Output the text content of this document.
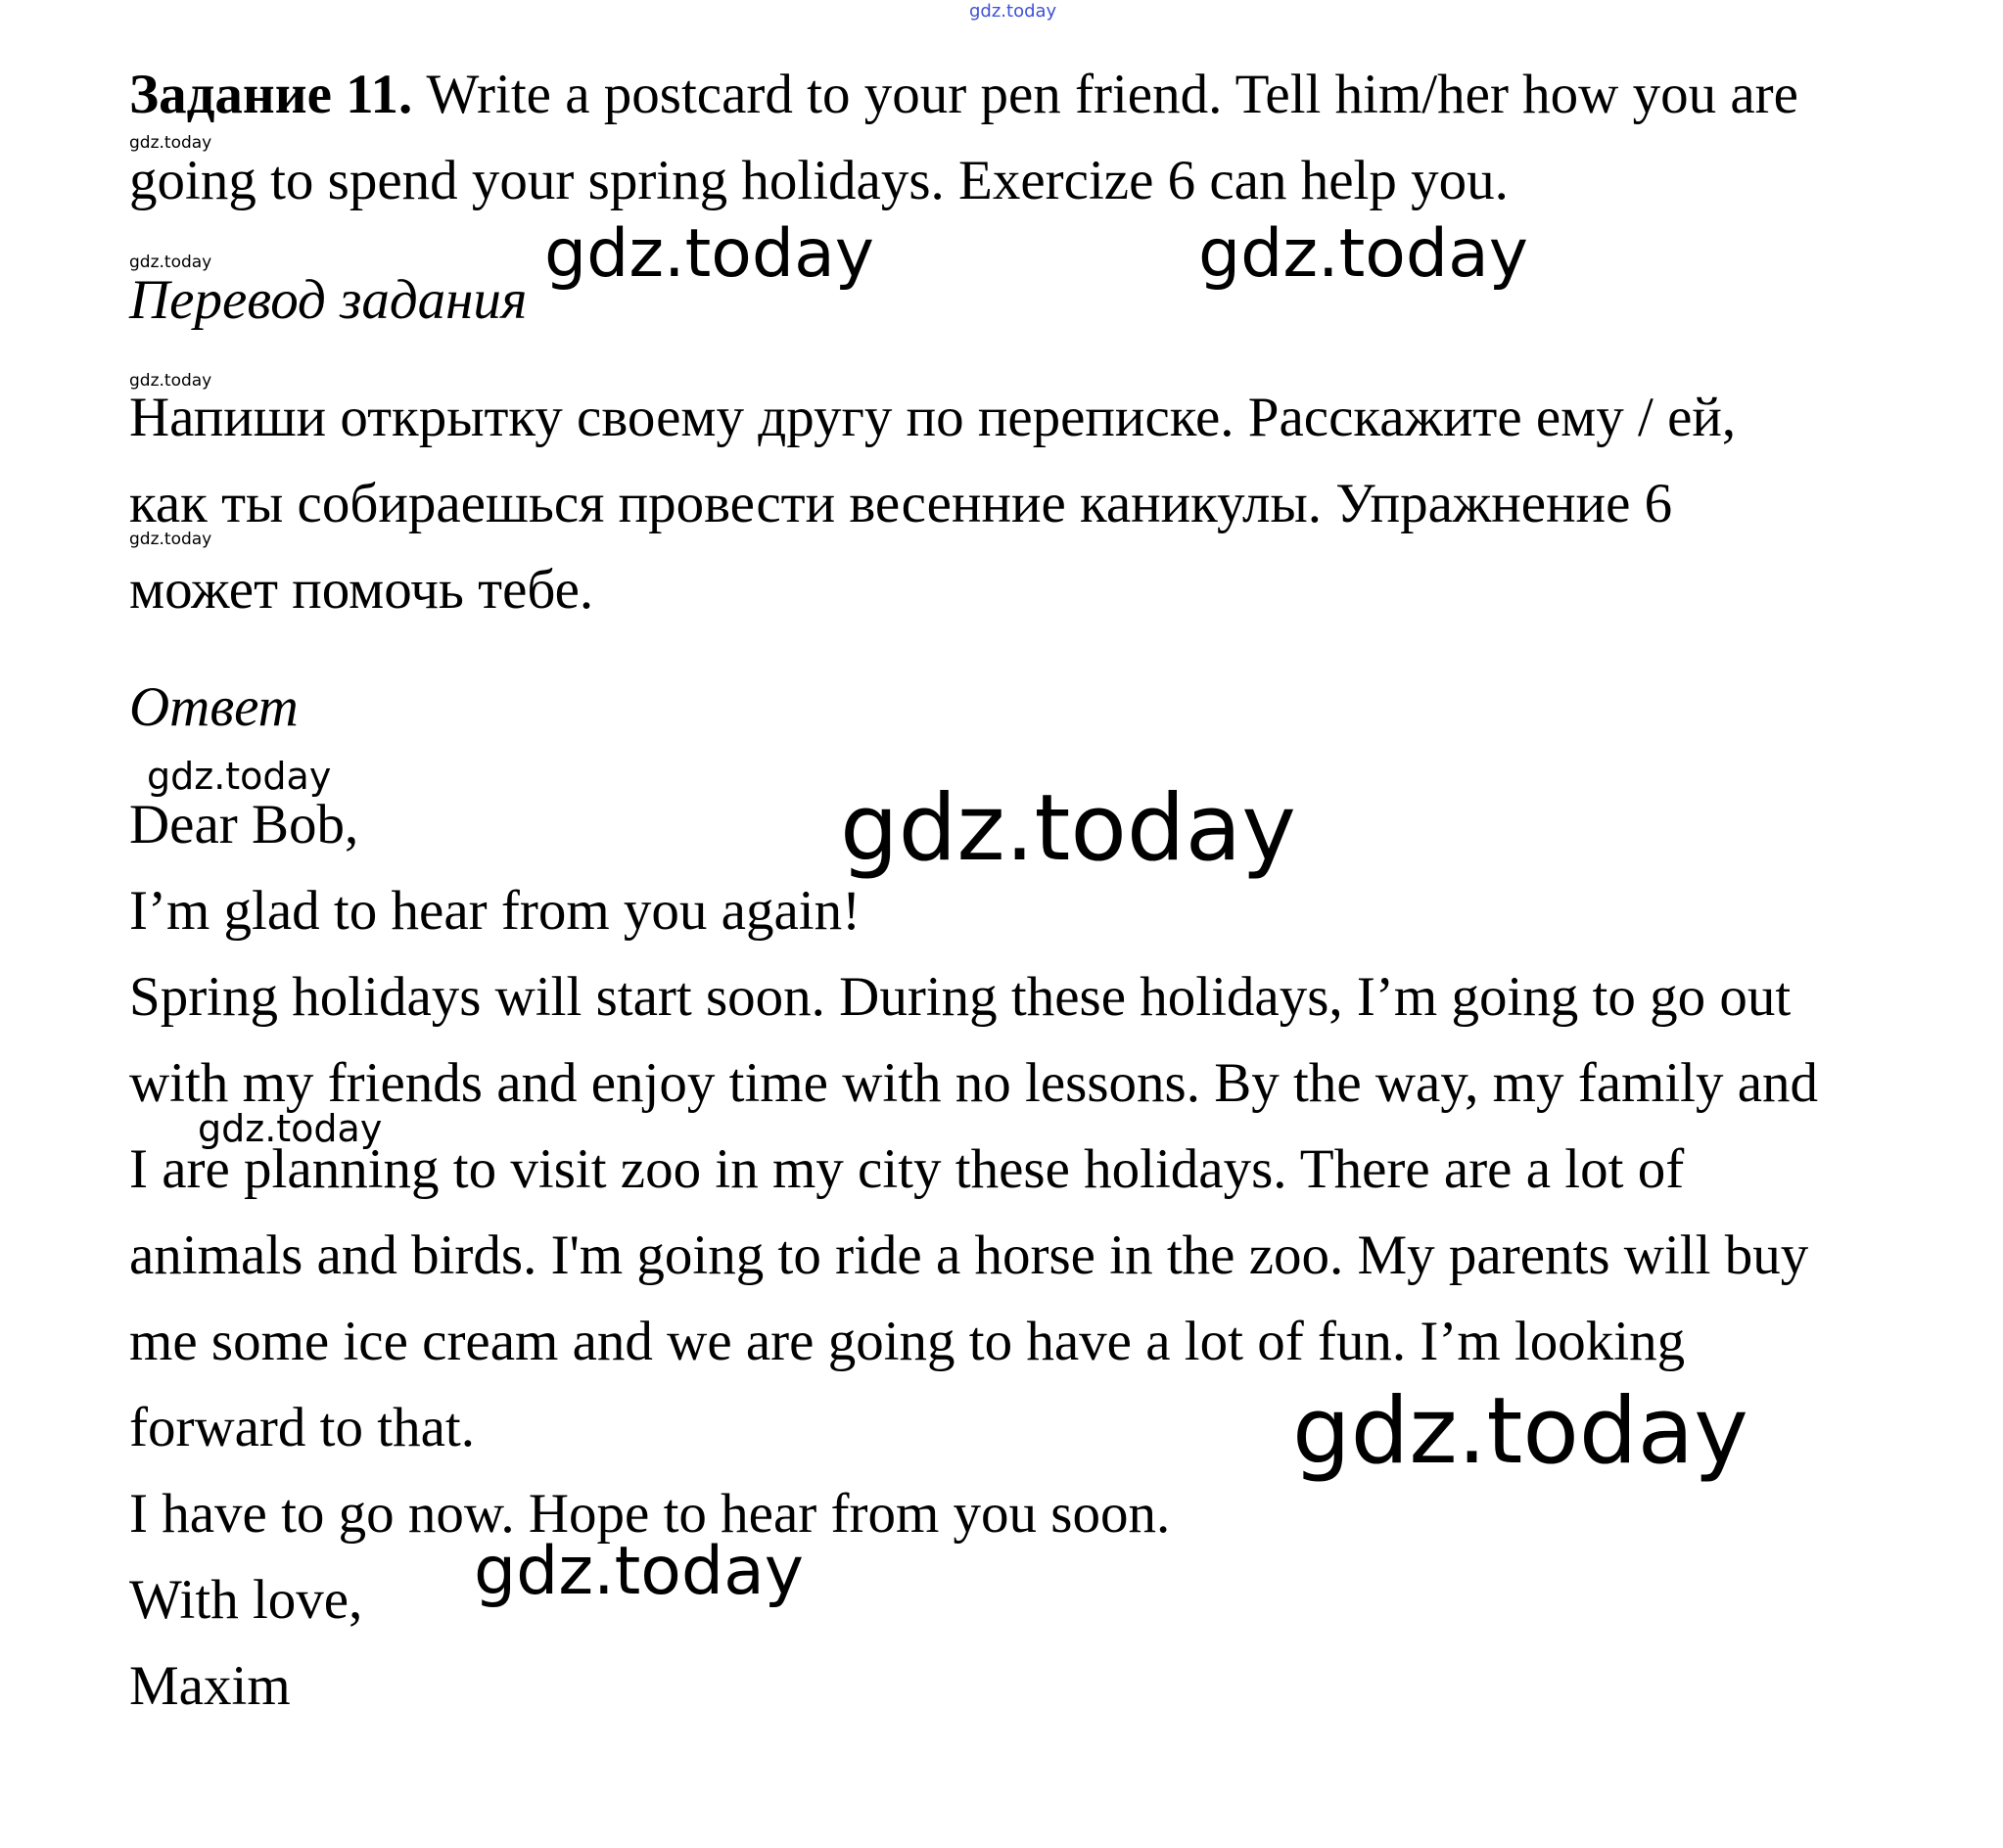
gdz.today
Задание 11. Write a postcard to your pen friend. Tell him/her how you are
gdz.today
going to spend your spring holidays. Exercize 6 can help you.
gdz.today
Перевод задания
gdz.today	gdz.today
gdz.today
Напиши открытку своему другу по переписке. Расскажите ему / ей,
как ты собираешься провести весенние каникулы. Упражнение 6
gdz.today
может помочь тебе.
Ответ
gdz.today
Dear Bob,	gdz.today
I’m glad to hear from you again!
Spring holidays will start soon. During these holidays, I’m going to go out
with my friends and enjoy time with no lessons. By the way, my family and
gdz.today
I are planning to visit zoo in my city these holidays. There are a lot of
animals and birds. I'm going to ride a horse in the zoo. My parents will buy
me some ice cream and we are going to have a lot of fun. I’m looking
forward to that.	gdz.today
I have to go now. Hope to hear from you soon.
With love, gdz.today
Maxim
